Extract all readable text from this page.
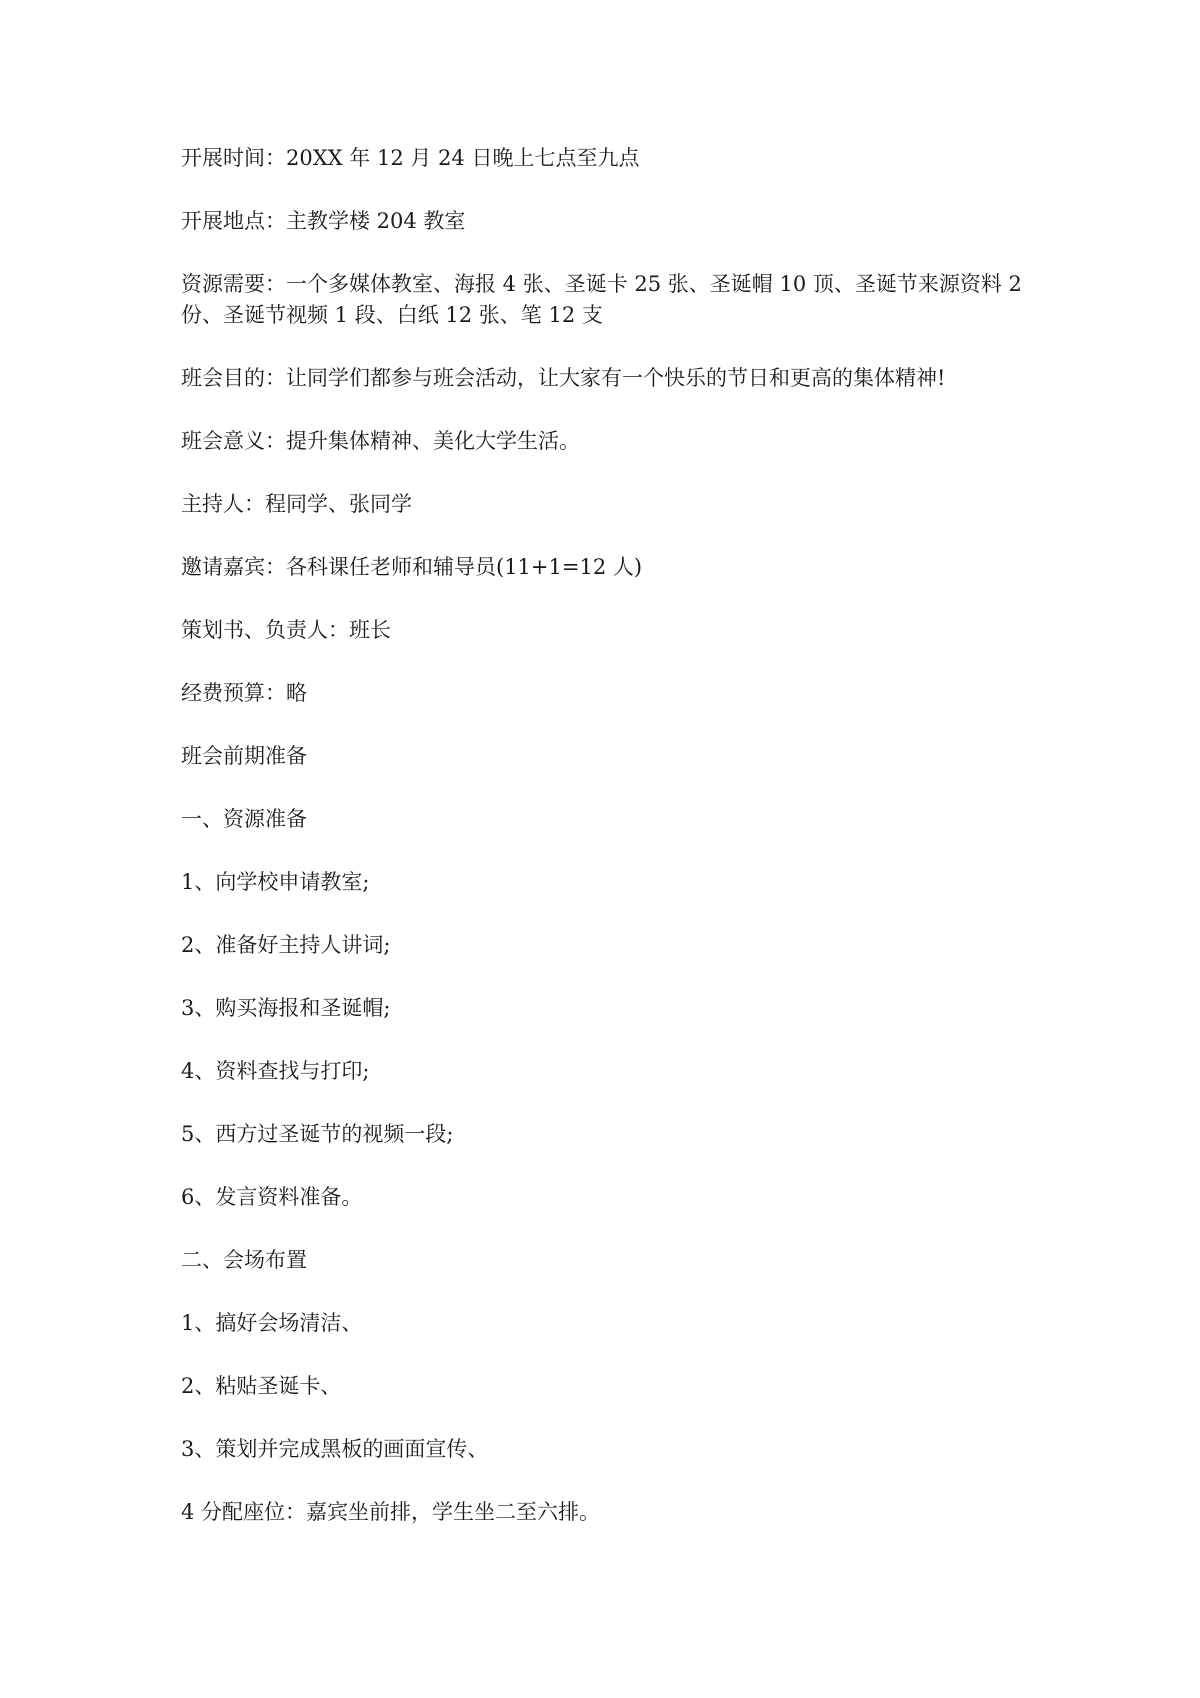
开展时间：20XX 年 12 月 24 日晚上七点至九点

开展地点：主教学楼 204 教室

资源需要：一个多媒体教室、海报 4 张、圣诞卡 25 张、圣诞帽 10 顶、圣诞节来源资料 2 份、圣诞节视频 1 段、白纸 12 张、笔 12 支

班会目的：让同学们都参与班会活动，让大家有一个快乐的节日和更高的集体精神!

班会意义：提升集体精神、美化大学生活。

主持人：程同学、张同学

邀请嘉宾：各科课任老师和辅导员(11+1=12 人)

策划书、负责人：班长

经费预算：略

班会前期准备

一、资源准备

1、向学校申请教室;

2、准备好主持人讲词;

3、购买海报和圣诞帽;

4、资料查找与打印;

5、西方过圣诞节的视频一段;

6、发言资料准备。

二、会场布置

1、搞好会场清洁、

2、粘贴圣诞卡、

3、策划并完成黑板的画面宣传、

4 分配座位：嘉宾坐前排，学生坐二至六排。
